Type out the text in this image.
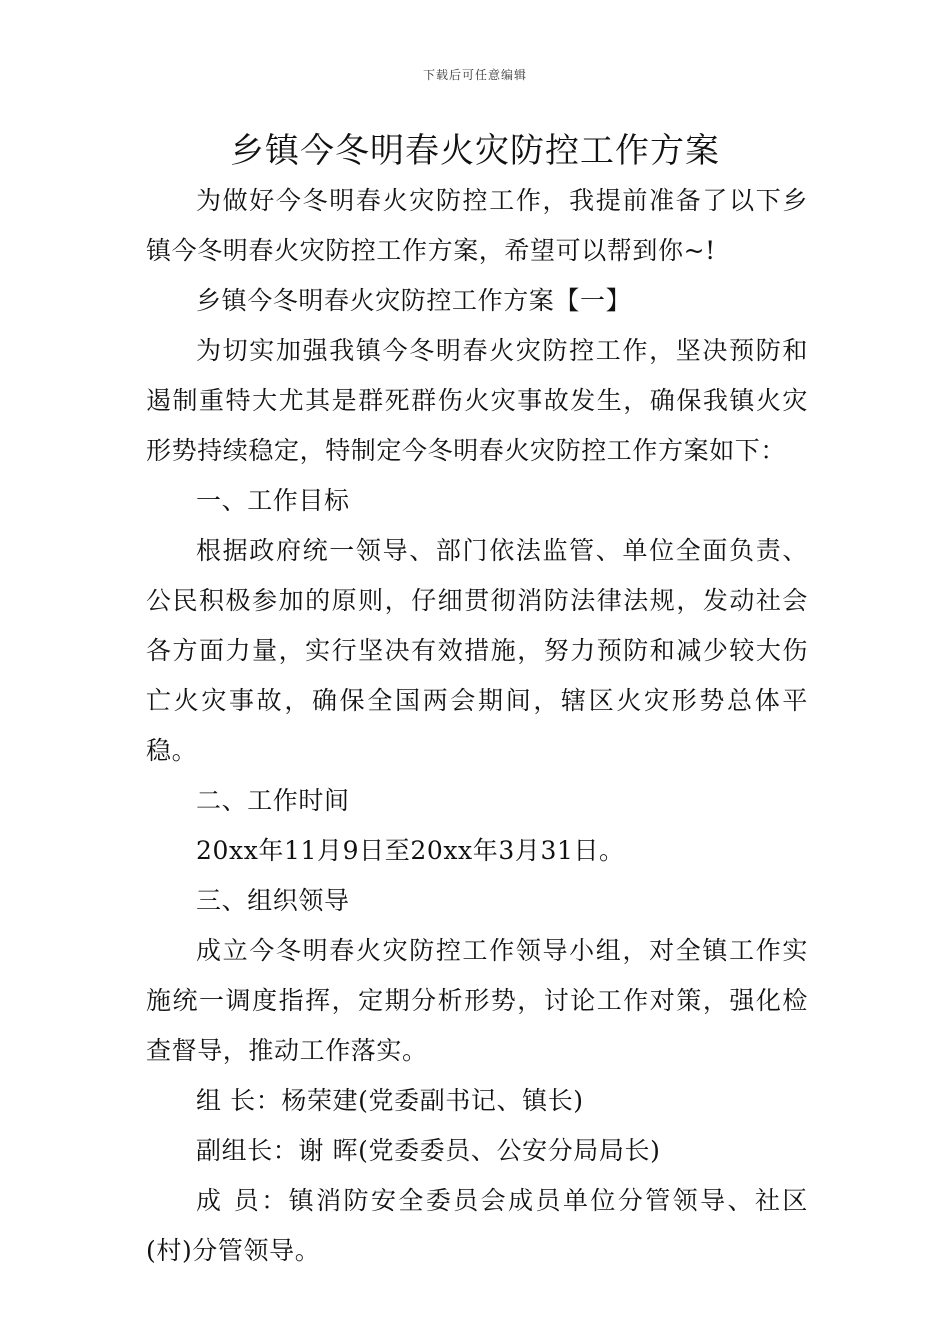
下载后可任意编辑
乡镇今冬明春火灾防控工作方案

为做好今冬明春火灾防控工作，我提前准备了以下乡镇今冬明春火灾防控工作方案，希望可以帮到你~!

乡镇今冬明春火灾防控工作方案【一】

为切实加强我镇今冬明春火灾防控工作，坚决预防和遏制重特大尤其是群死群伤火灾事故发生，确保我镇火灾形势持续稳定，特制定今冬明春火灾防控工作方案如下：

一、工作目标

根据政府统一领导、部门依法监管、单位全面负责、公民积极参加的原则，仔细贯彻消防法律法规，发动社会各方面力量，实行坚决有效措施，努力预防和减少较大伤亡火灾事故，确保全国两会期间，辖区火灾形势总体平稳。

二、工作时间

20xx年11月9日至20xx年3月31日。

三、组织领导

成立今冬明春火灾防控工作领导小组，对全镇工作实施统一调度指挥，定期分析形势，讨论工作对策，强化检查督导，推动工作落实。

组 长：杨荣建(党委副书记、镇长)

副组长：谢 晖(党委委员、公安分局局长)

成 员：镇消防安全委员会成员单位分管领导、社区(村)分管领导。
